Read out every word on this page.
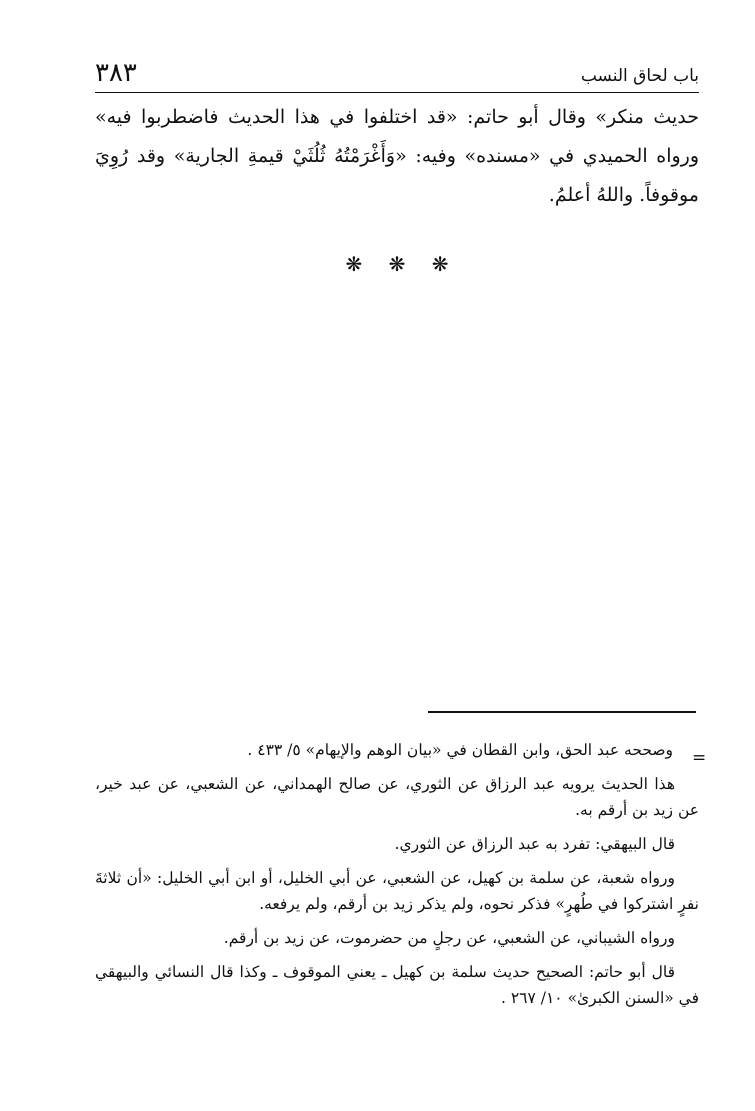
باب لحاق النسب
٣٨٣

حديث منكر» وقال أبو حاتم: «قد اختلفوا في هذا الحديث فاضطربوا فيه» ورواه الحميدي في «مسنده» وفيه: «وَأَغْرَمْتُهُ ثُلُثَيْ قيمةِ الجارية» وقد رُوِيَ موقوفاً. واللهُ أعلمُ.

❋ ❋ ❋
=

وصححه عبد الحق، وابن القطان في «بيان الوهم والإيهام» ٥/ ٤٣٣ .

هذا الحديث يرويه عبد الرزاق عن الثوري، عن صالح الهمداني، عن الشعبي، عن عبد خير، عن زيد بن أرقم به.

قال البيهقي: تفرد به عبد الرزاق عن الثوري.

ورواه شعبة، عن سلمة بن كهيل، عن الشعبي، عن أبي الخليل، أو ابن أبي الخليل: «أن ثلاثةَ نفرٍ اشتركوا في طُهرٍ» فذكر نحوه، ولم يذكر زيد بن أرقم، ولم يرفعه.

ورواه الشيباني، عن الشعبي، عن رجلٍ من حضرموت، عن زيد بن أرقم.

قال أبو حاتم: الصحيح حديث سلمة بن كهيل ـ يعني الموقوف ـ وكذا قال النسائي والبيهقي في «السنن الكبرىٰ» ١٠/ ٢٦٧ .
